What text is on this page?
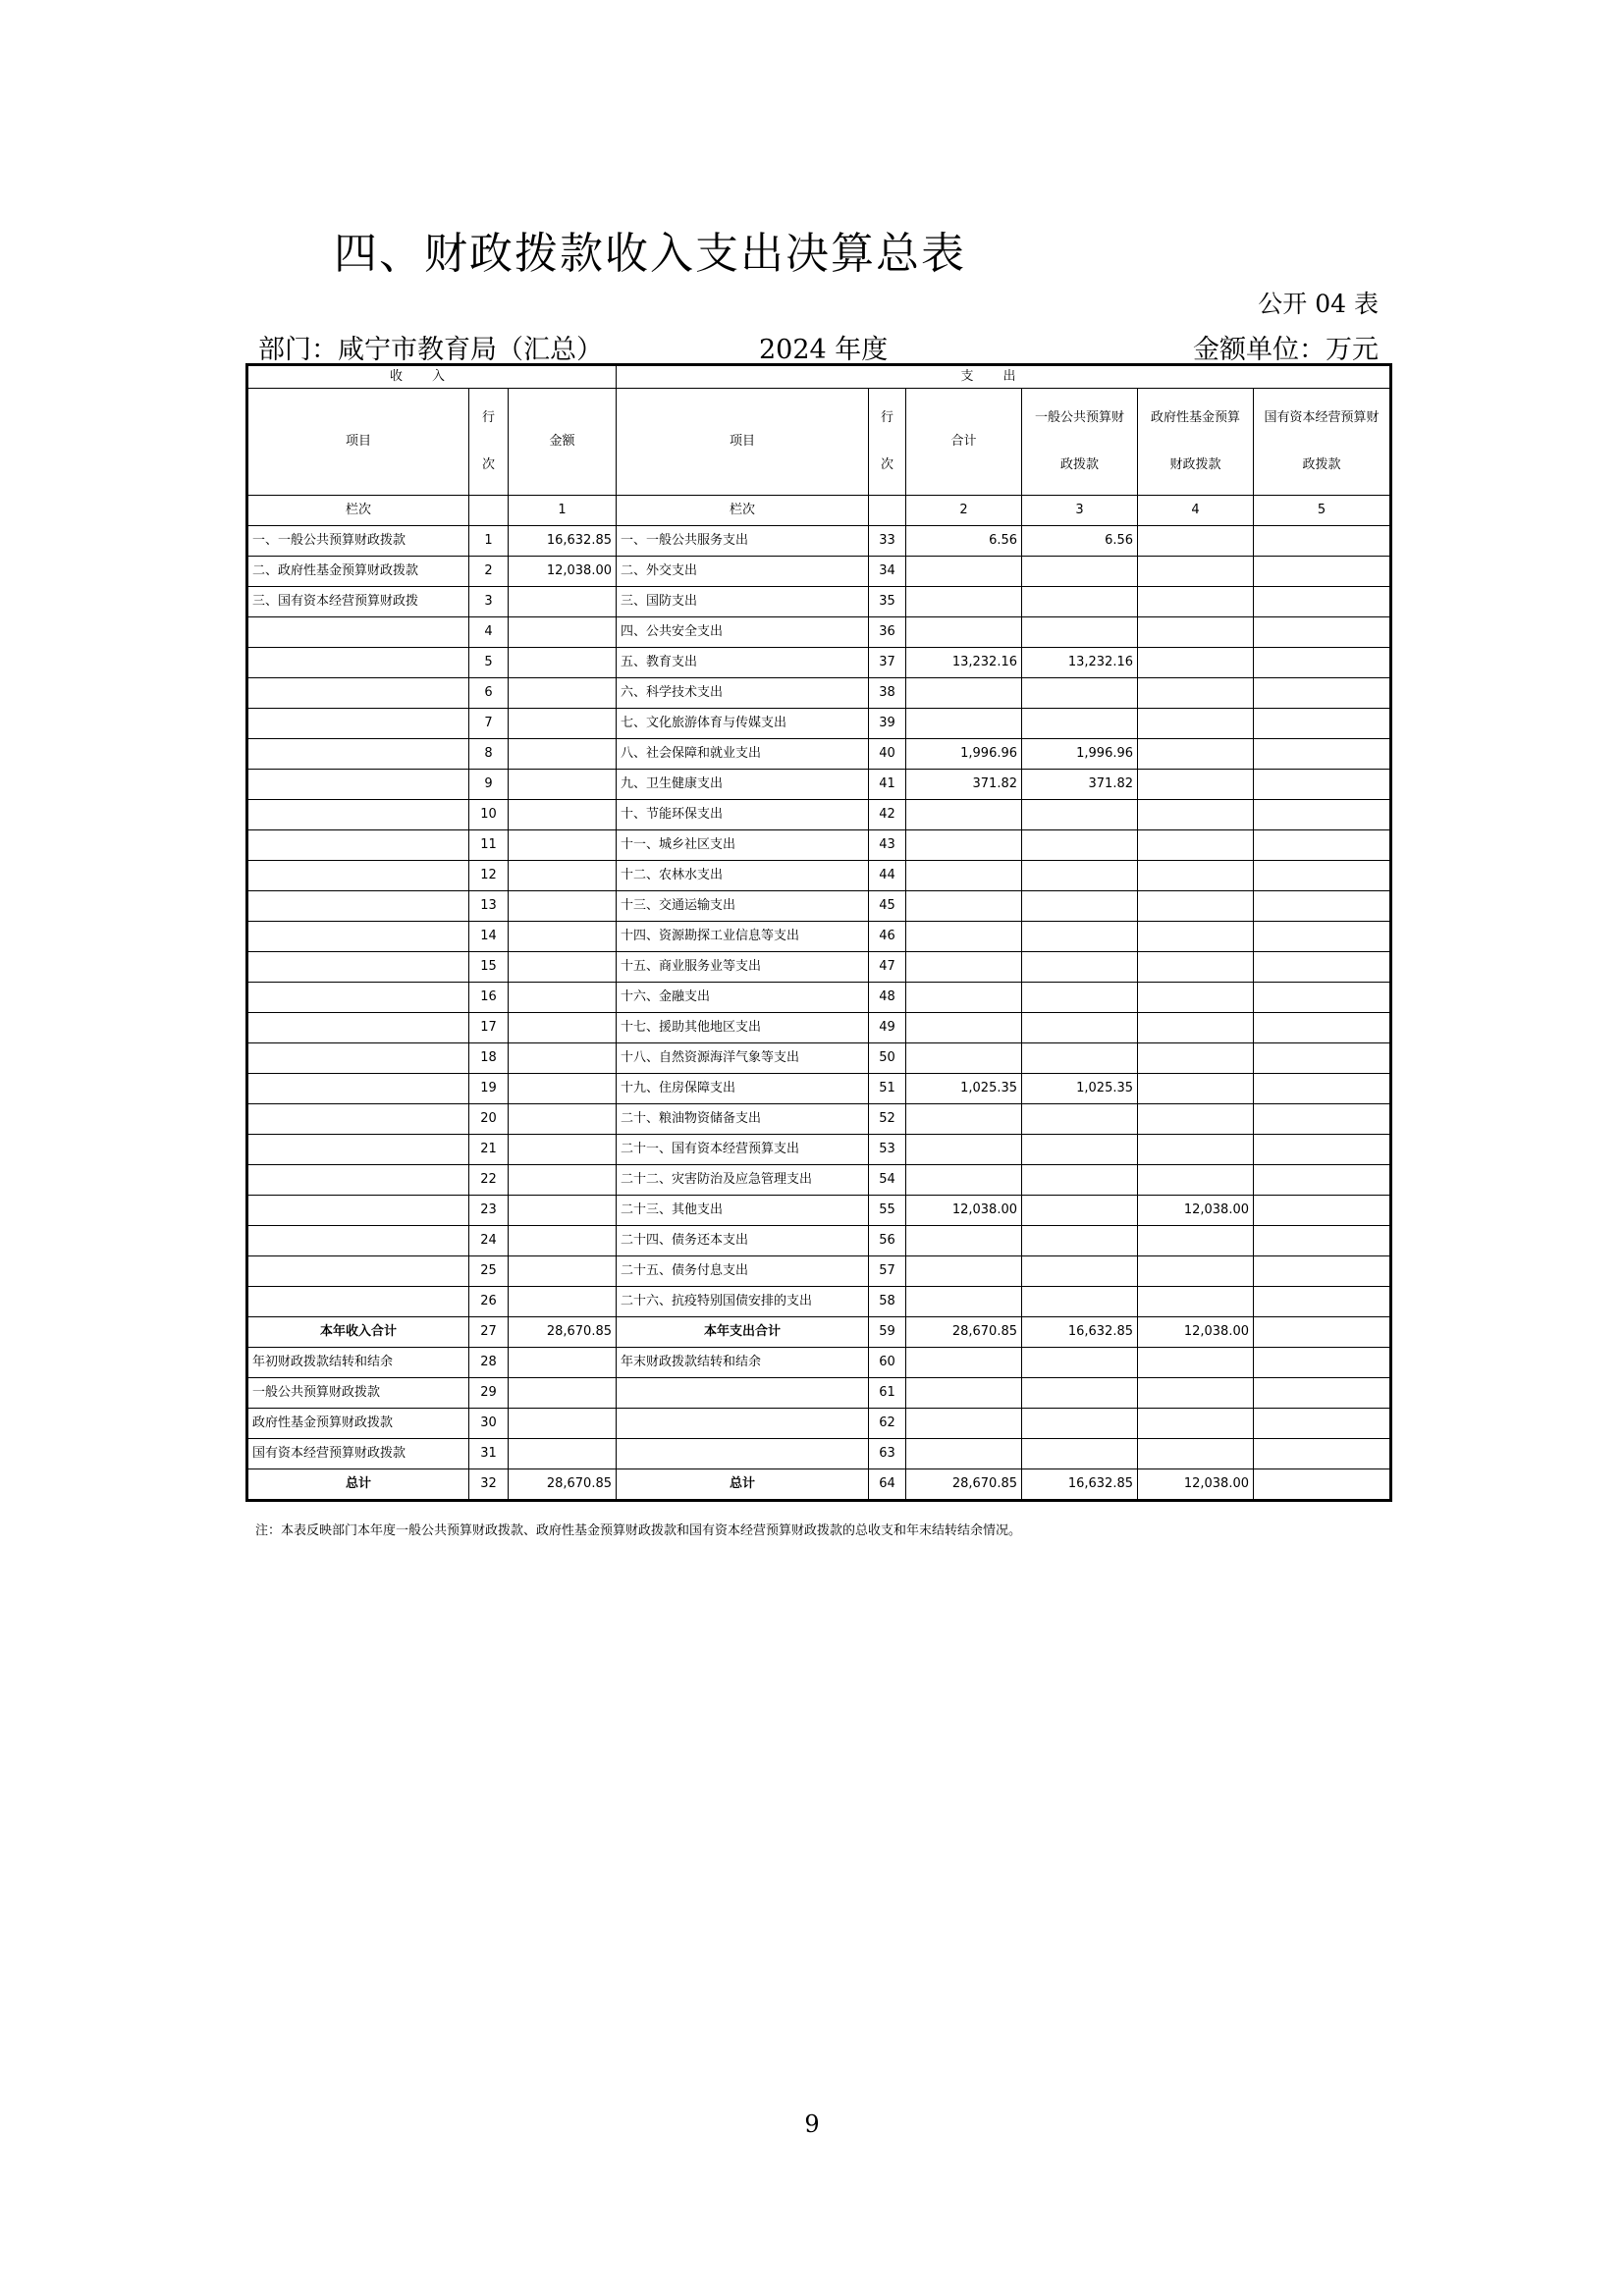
四、财政拨款收入支出决算总表
公开 04 表
部门：咸宁市教育局（汇总）	2024 年度	金额单位：万元
收入			支出					
项目	行次	金额	项目	行次	合计	一般公共预算财政拨款	政府性基金预算财政拨款	国有资本经营预算财政拨款
栏次		1	栏次		2	3	4	5
一、一般公共预算财政拨款	1	16,632.85	一、一般公共服务支出	33	6.56	6.56		
二、政府性基金预算财政拨款	2	12,038.00	二、外交支出	34				
三、国有资本经营预算财政拨	3		三、国防支出	35				
	4		四、公共安全支出	36				
	5		五、教育支出	37	13,232.16	13,232.16		
	6		六、科学技术支出	38				
	7		七、文化旅游体育与传媒支出	39				
	8		八、社会保障和就业支出	40	1,996.96	1,996.96		
	9		九、卫生健康支出	41	371.82	371.82		
	10		十、节能环保支出	42				
	11		十一、城乡社区支出	43				
	12		十二、农林水支出	44				
	13		十三、交通运输支出	45				
	14		十四、资源勘探工业信息等支出	46				
	15		十五、商业服务业等支出	47				
	16		十六、金融支出	48				
	17		十七、援助其他地区支出	49				
	18		十八、自然资源海洋气象等支出	50				
	19		十九、住房保障支出	51	1,025.35	1,025.35		
	20		二十、粮油物资储备支出	52				
	21		二十一、国有资本经营预算支出	53				
	22		二十二、灾害防治及应急管理支出	54				
	23		二十三、其他支出	55	12,038.00		12,038.00	
	24		二十四、债务还本支出	56				
	25		二十五、债务付息支出	57				
	26		二十六、抗疫特别国债安排的支出	58				
本年收入合计	27	28,670.85	本年支出合计	59	28,670.85	16,632.85	12,038.00	
年初财政拨款结转和结余	28		年末财政拨款结转和结余	60				
一般公共预算财政拨款	29			61				
政府性基金预算财政拨款	30			62				
国有资本经营预算财政拨款	31			63				
总计	32	28,670.85	总计	64	28,670.85	16,632.85	12,038.00	
注：本表反映部门本年度一般公共预算财政拨款、政府性基金预算财政拨款和国有资本经营预算财政拨款的总收支和年末结转结余情况。
9
